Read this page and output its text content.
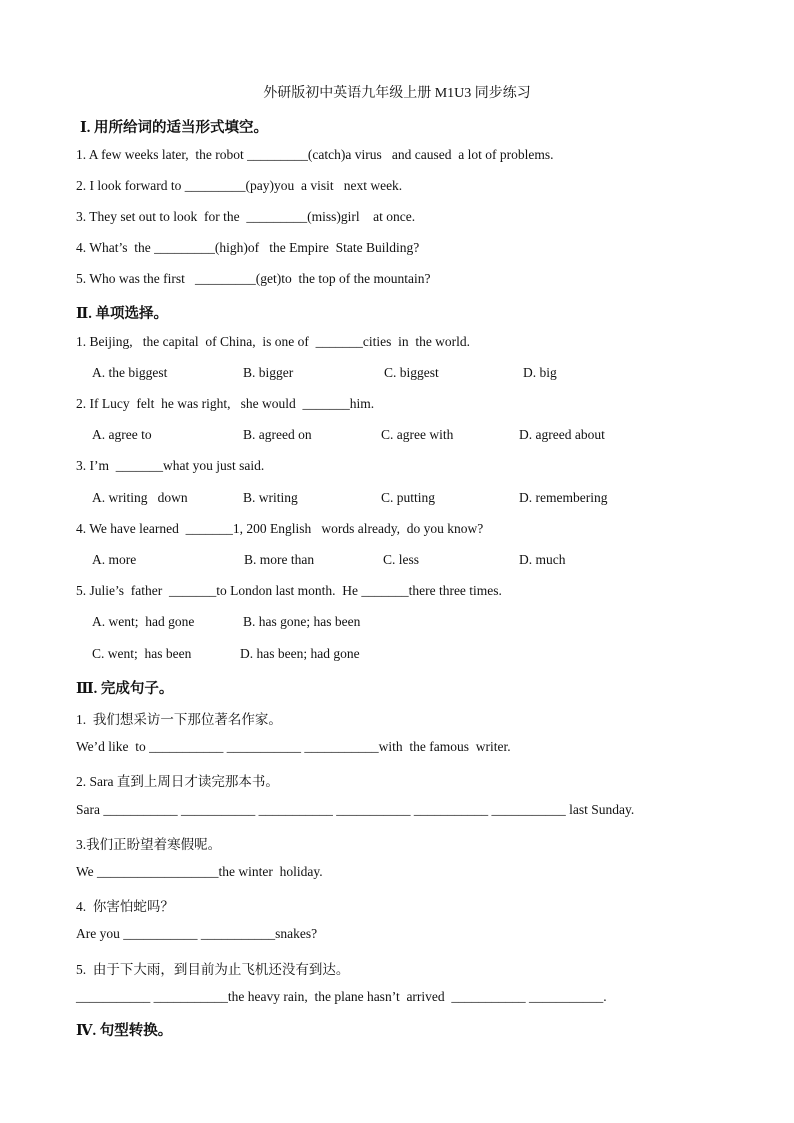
外研版初中英语九年级上册 M1U3 同步练习
Ⅰ. 用所给词的适当形式填空。
1. A few weeks later,  the robot _________(catch)a virus   and caused  a lot of problems.
2. I look forward to _________(pay)you  a visit   next week.
3. They set out to look  for the  _________(miss)girl    at once.
4. What’s  the _________(high)of   the Empire  State Building?
5. Who was the first   _________(get)to  the top of the mountain?
Ⅱ. 单项选择。
1. Beijing,   the capital  of China,  is one of  _______cities  in  the world.
A. the biggest	B. bigger	C. biggest	D. big
2. If Lucy  felt  he was right,   she would  _______him.
A. agree to	B. agreed on	C. agree with	D. agreed about
3. I’m  _______what you just said.
A. writing   down	B. writing	C. putting	D. remembering
4. We have learned  _______1, 200 English   words already,  do you know?
A. more	B. more than	C. less	D. much
5. Julie’s  father  _______to London last month.  He _______there three times.
A. went;  had gone	B. has gone; has been
C. went;  has been	D. has been; had gone
Ⅲ. 完成句子。
1.  我们想采访一下那位著名作家。
We’d like  to ___________ ___________ ___________with  the famous  writer.
2. Sara 直到上周日才读完那本书。
Sara ___________ ___________ ___________ ___________ ___________ ___________ last Sunday.
3.我们正盼望着寒假呢。
We __________________the winter  holiday.
4.  你害怕蛇吗？
Are you ___________ ___________snakes?
5.  由于下大雨，到目前为止飞机还没有到达。
___________ ___________the heavy rain,  the plane hasn’t  arrived  ___________ ___________.
Ⅳ. 句型转换。
